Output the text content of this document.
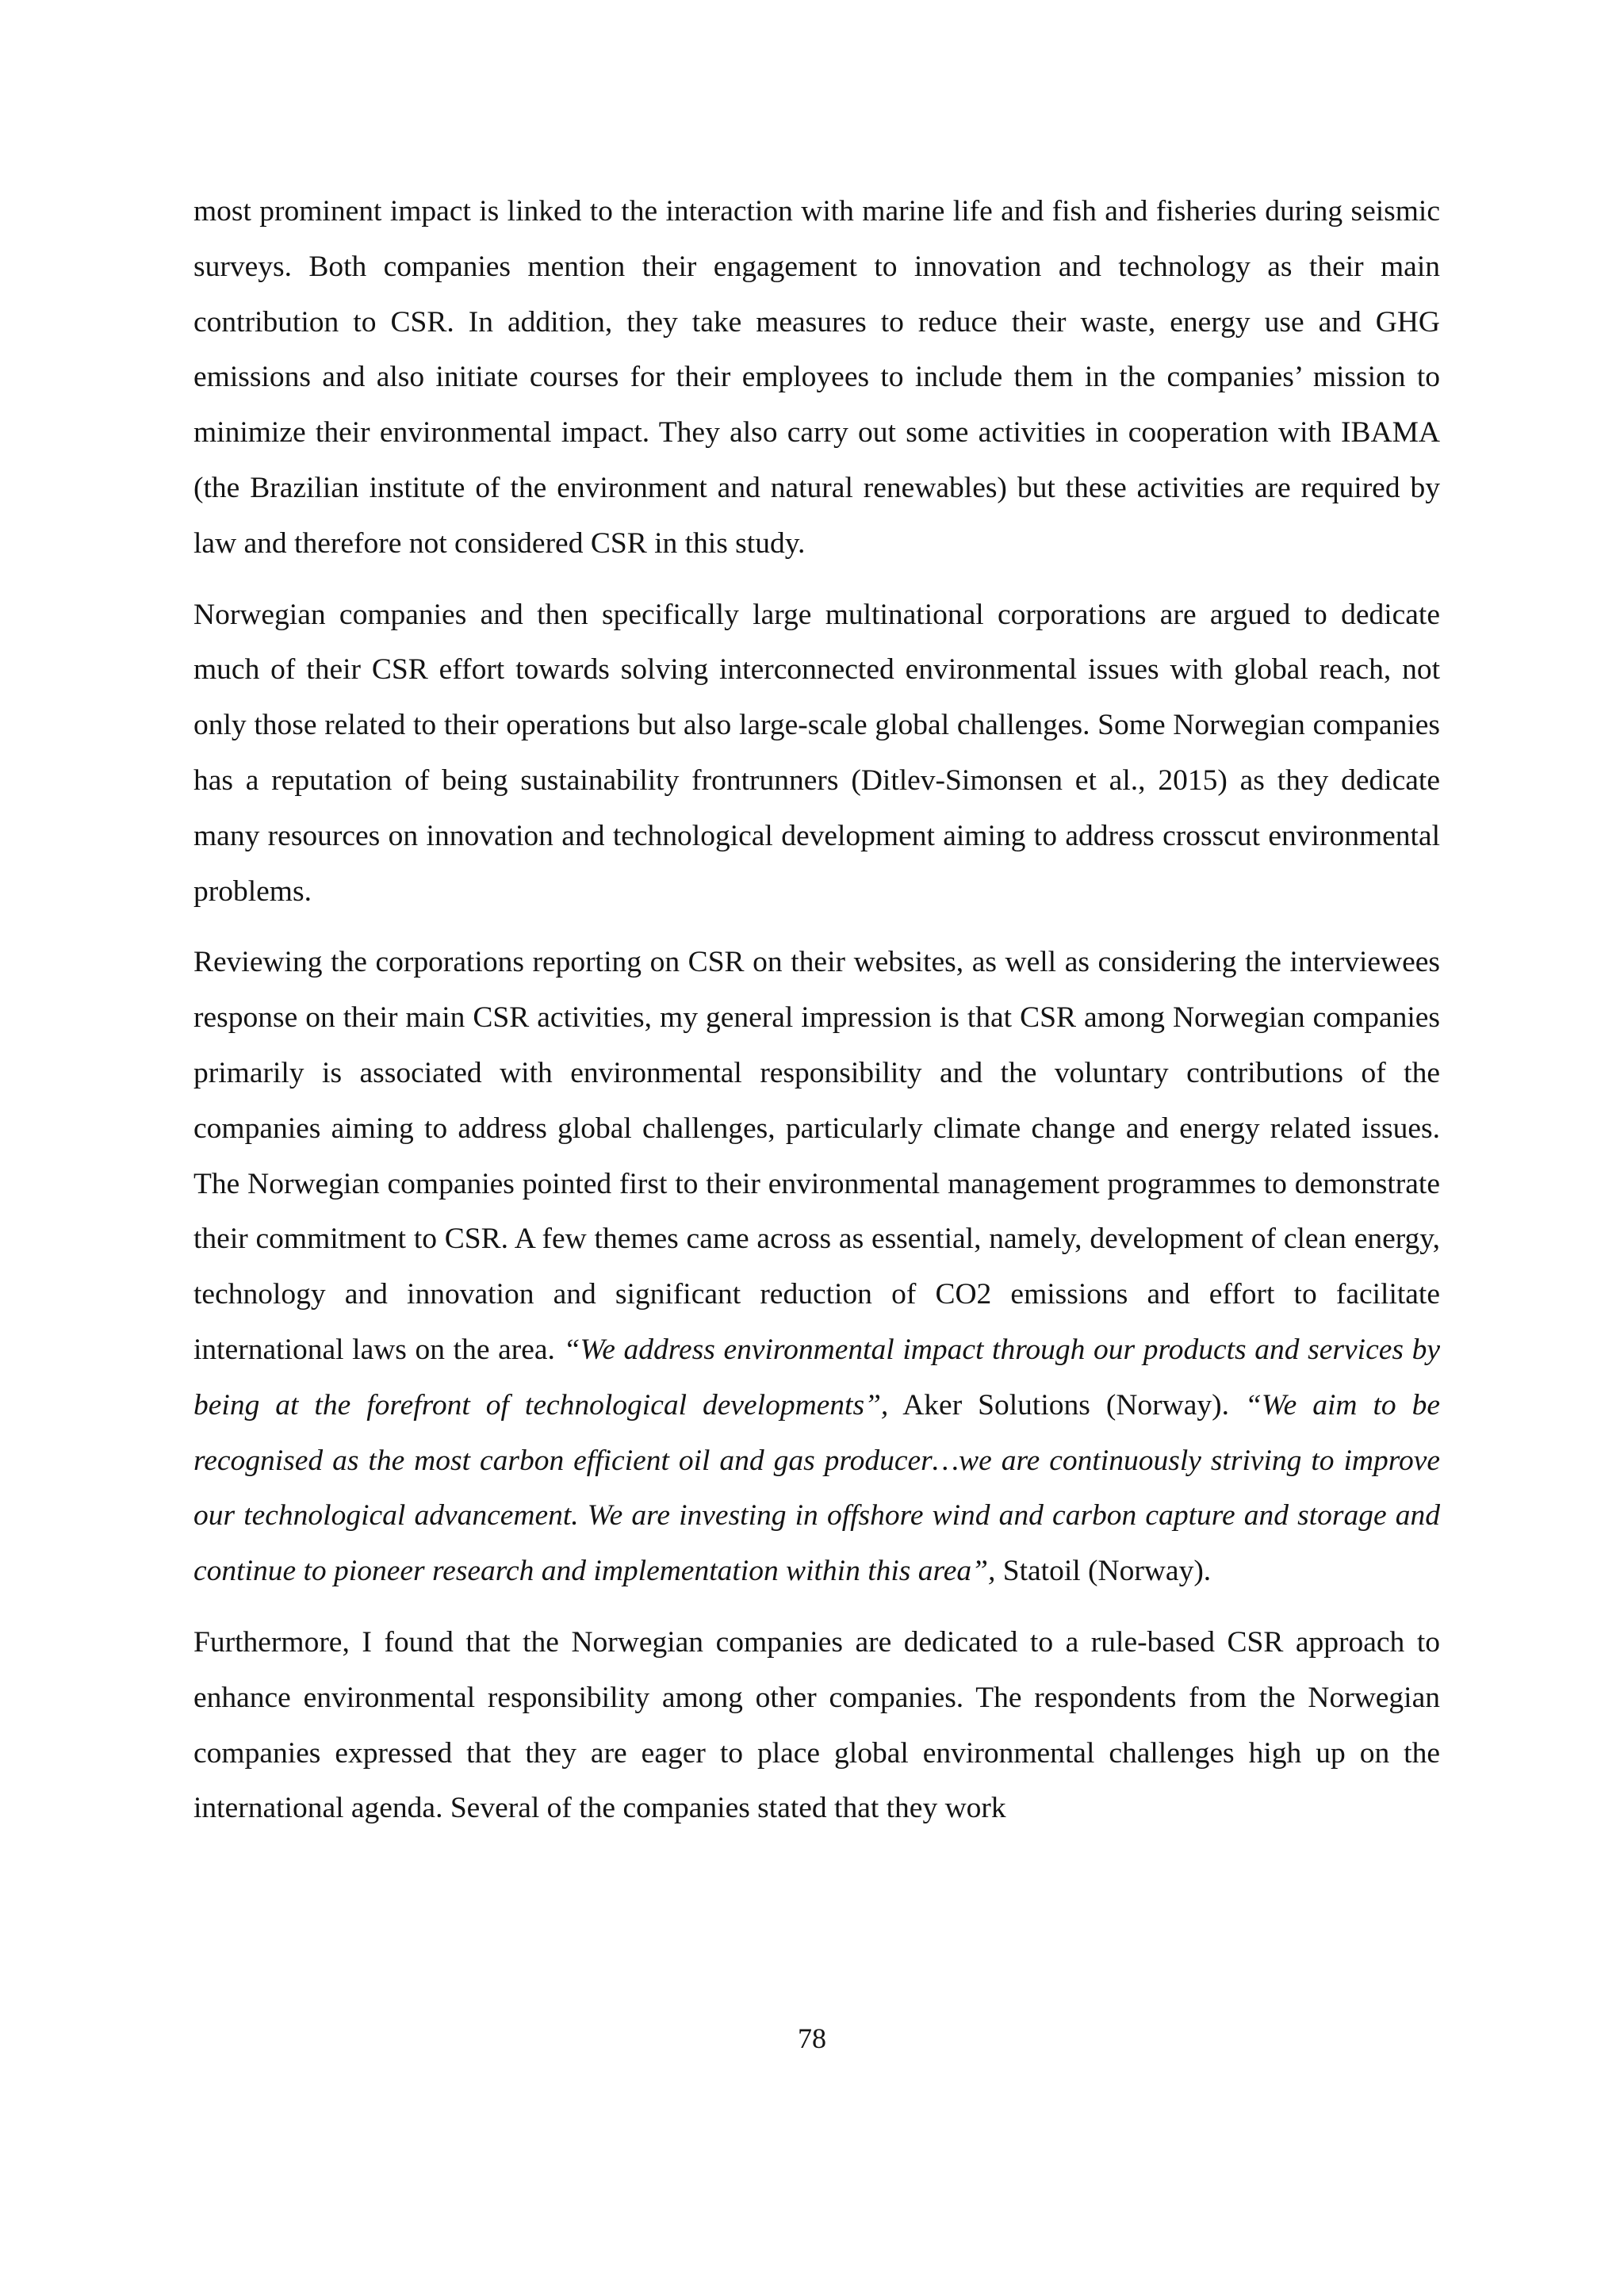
most prominent impact is linked to the interaction with marine life and fish and fisheries during seismic surveys. Both companies mention their engagement to innovation and technology as their main contribution to CSR. In addition, they take measures to reduce their waste, energy use and GHG emissions and also initiate courses for their employees to include them in the companies’ mission to minimize their environmental impact. They also carry out some activities in cooperation with IBAMA (the Brazilian institute of the environment and natural renewables) but these activities are required by law and therefore not considered CSR in this study.

Norwegian companies and then specifically large multinational corporations are argued to dedicate much of their CSR effort towards solving interconnected environmental issues with global reach, not only those related to their operations but also large-scale global challenges. Some Norwegian companies has a reputation of being sustainability frontrunners (Ditlev-Simonsen et al., 2015) as they dedicate many resources on innovation and technological development aiming to address crosscut environmental problems.

Reviewing the corporations reporting on CSR on their websites, as well as considering the interviewees response on their main CSR activities, my general impression is that CSR among Norwegian companies primarily is associated with environmental responsibility and the voluntary contributions of the companies aiming to address global challenges, particularly climate change and energy related issues. The Norwegian companies pointed first to their environmental management programmes to demonstrate their commitment to CSR. A few themes came across as essential, namely, development of clean energy, technology and innovation and significant reduction of CO2 emissions and effort to facilitate international laws on the area. “We address environmental impact through our products and services by being at the forefront of technological developments”, Aker Solutions (Norway). “We aim to be recognised as the most carbon efficient oil and gas producer…we are continuously striving to improve our technological advancement. We are investing in offshore wind and carbon capture and storage and continue to pioneer research and implementation within this area”, Statoil (Norway).

Furthermore, I found that the Norwegian companies are dedicated to a rule-based CSR approach to enhance environmental responsibility among other companies. The respondents from the Norwegian companies expressed that they are eager to place global environmental challenges high up on the international agenda. Several of the companies stated that they work

78
